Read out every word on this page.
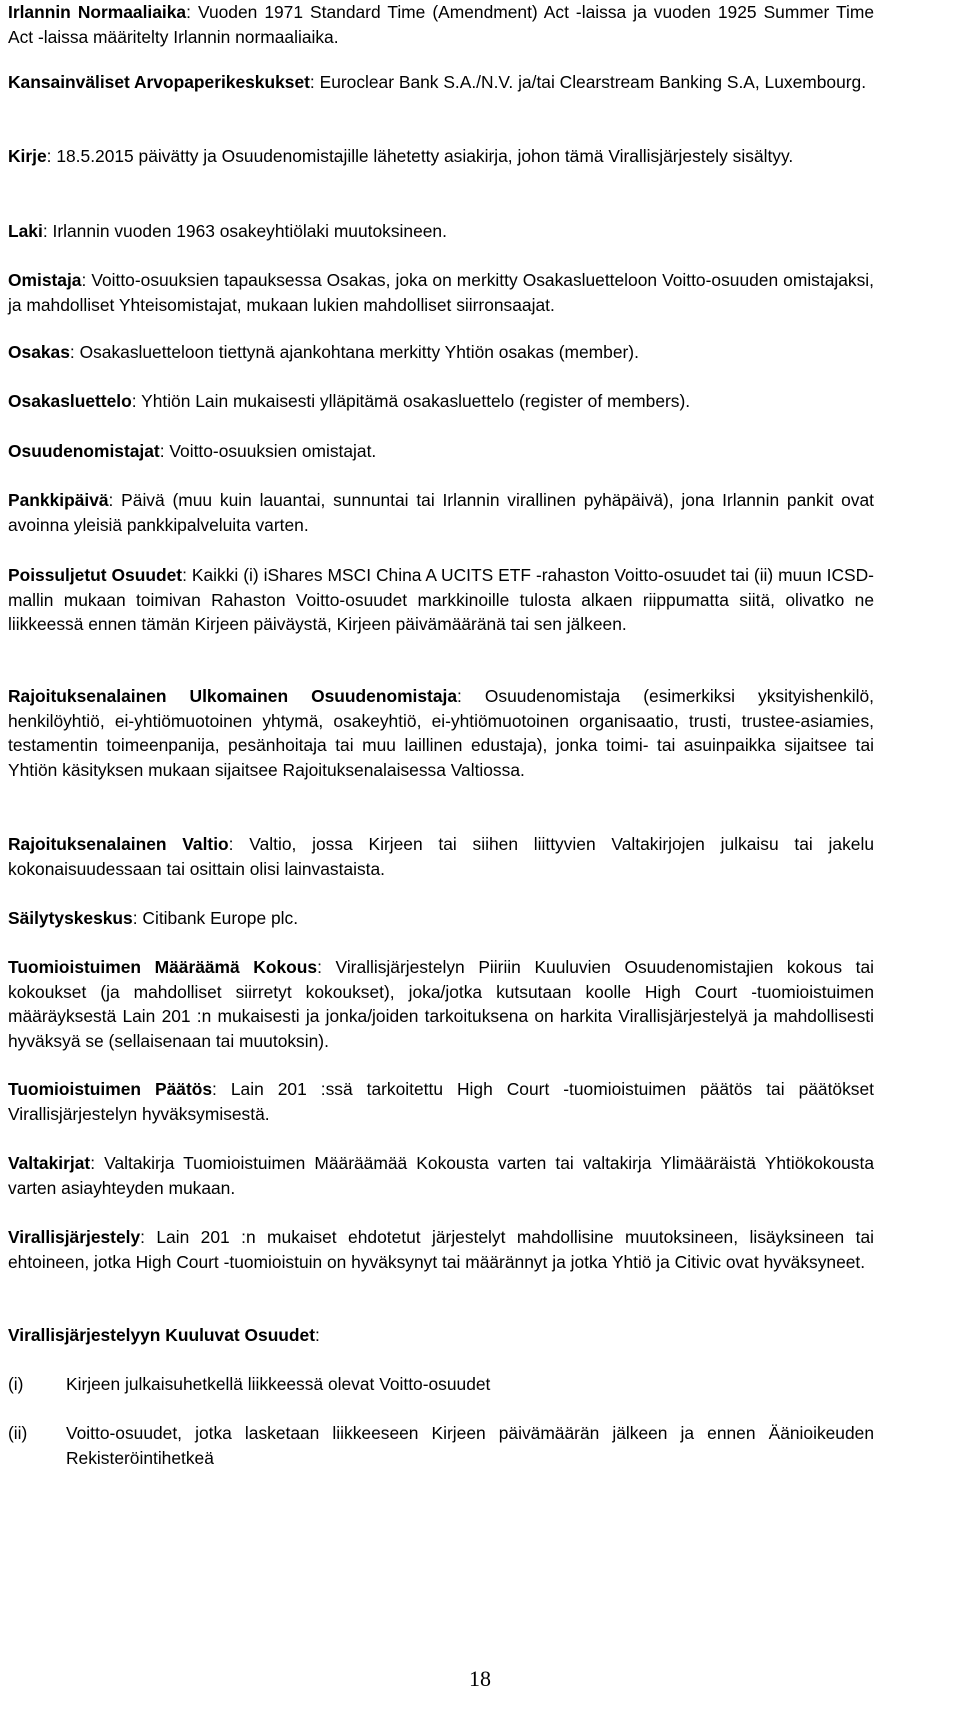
Irlannin Normaaliaika: Vuoden 1971 Standard Time (Amendment) Act -laissa ja vuoden 1925 Summer Time Act -laissa määritelty Irlannin normaaliaika.
Kansainväliset Arvopaperikeskukset: Euroclear Bank S.A./N.V. ja/tai Clearstream Banking S.A, Luxembourg.
Kirje: 18.5.2015 päivätty ja Osuudenomistajille lähetetty asiakirja, johon tämä Virallisjärjestely sisältyy.
Laki: Irlannin vuoden 1963 osakeyhtiölaki muutoksineen.
Omistaja: Voitto-osuuksien tapauksessa Osakas, joka on merkitty Osakasluetteloon Voitto-osuuden omistajaksi, ja mahdolliset Yhteisomistajat, mukaan lukien mahdolliset siirronsaajat.
Osakas: Osakasluetteloon tiettynä ajankohtana merkitty Yhtiön osakas (member).
Osakasluettelo: Yhtiön Lain mukaisesti ylläpitämä osakasluettelo (register of members).
Osuudenomistajat: Voitto-osuuksien omistajat.
Pankkipäivä: Päivä (muu kuin lauantai, sunnuntai tai Irlannin virallinen pyhäpäivä), jona Irlannin pankit ovat avoinna yleisiä pankkipalveluita varten.
Poissuljetut Osuudet: Kaikki (i) iShares MSCI China A UCITS ETF -rahaston Voitto-osuudet tai (ii) muun ICSD-mallin mukaan toimivan Rahaston Voitto-osuudet markkinoille tulosta alkaen riippumatta siitä, olivatko ne liikkeessä ennen tämän Kirjeen päiväystä, Kirjeen päivämääränä tai sen jälkeen.
Rajoituksenalainen Ulkomainen Osuudenomistaja: Osuudenomistaja (esimerkiksi yksityishenkilö, henkilöyhtiö, ei-yhtiömuotoinen yhtymä, osakeyhtiö, ei-yhtiömuotoinen organisaatio, trusti, trustee-asiamies, testamentin toimeenpanija, pesänhoitaja tai muu laillinen edustaja), jonka toimi- tai asuinpaikka sijaitsee tai Yhtiön käsityksen mukaan sijaitsee Rajoituksenalaisessa Valtiossa.
Rajoituksenalainen Valtio: Valtio, jossa Kirjeen tai siihen liittyvien Valtakirjojen julkaisu tai jakelu kokonaisuudessaan tai osittain olisi lainvastaista.
Säilytyskeskus: Citibank Europe plc.
Tuomioistuimen Määräämä Kokous: Virallisjärjestelyn Piiriin Kuuluvien Osuudenomistajien kokous tai kokoukset (ja mahdolliset siirretyt kokoukset), joka/jotka kutsutaan koolle High Court -tuomioistuimen määräyksestä Lain 201 :n mukaisesti ja jonka/joiden tarkoituksena on harkita Virallisjärjestelyä ja mahdollisesti hyväksyä se (sellaisenaan tai muutoksin).
Tuomioistuimen Päätös: Lain 201 :ssä tarkoitettu High Court -tuomioistuimen päätös tai päätökset Virallisjärjestelyn hyväksymisestä.
Valtakirjat: Valtakirja Tuomioistuimen Määräämää Kokousta varten tai valtakirja Ylimääräistä Yhtiökokousta varten asiayhteyden mukaan.
Virallisjärjestely: Lain 201 :n mukaiset ehdotetut järjestelyt mahdollisine muutoksineen, lisäyksineen tai ehtoineen, jotka High Court -tuomioistuin on hyväksynyt tai määrännyt ja jotka Yhtiö ja Citivic ovat hyväksyneet.
Virallisjärjestelyyn Kuuluvat Osuudet:
(i) Kirjeen julkaisuhetkellä liikkeessä olevat Voitto-osuudet
(ii) Voitto-osuudet, jotka lasketaan liikkeeseen Kirjeen päivämäärän jälkeen ja ennen Äänioikeuden Rekisteröintihetkeä
18
